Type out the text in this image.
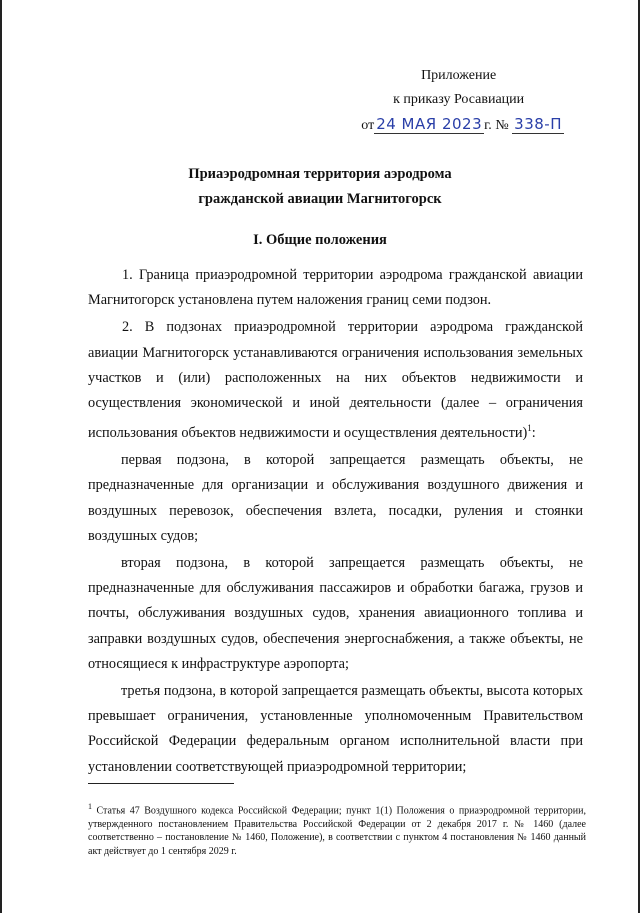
Приложение
к приказу Росавиации
от 24 МАЯ 2023 г. № 338-П
Приаэродромная территория аэродрома
гражданской авиации Магнитогорск
I. Общие положения

1. Граница приаэродромной территории аэродрома гражданской авиации Магнитогорск установлена путем наложения границ семи подзон.

2. В подзонах приаэродромной территории аэродрома гражданской авиации Магнитогорск устанавливаются ограничения использования земельных участков и (или) расположенных на них объектов недвижимости и осуществления экономической и иной деятельности (далее – ограничения использования объектов недвижимости и осуществления деятельности)$^1$:

первая подзона, в которой запрещается размещать объекты, не предназначенные для организации и обслуживания воздушного движения и воздушных перевозок, обеспечения взлета, посадки, руления и стоянки воздушных судов;

вторая подзона, в которой запрещается размещать объекты, не предназначенные для обслуживания пассажиров и обработки багажа, грузов и почты, обслуживания воздушных судов, хранения авиационного топлива и заправки воздушных судов, обеспечения энергоснабжения, а также объекты, не относящиеся к инфраструктуре аэропорта;

третья подзона, в которой запрещается размещать объекты, высота которых превышает ограничения, установленные уполномоченным Правительством Российской Федерации федеральным органом исполнительной власти при установлении соответствующей приаэродромной территории;

$^1$ Статья 47 Воздушного кодекса Российской Федерации; пункт 1(1) Положения о приаэродромной территории, утвержденного постановлением Правительства Российской Федерации от 2 декабря 2017 г. № 1460 (далее соответственно – постановление № 1460, Положение), в соответствии с пунктом 4 постановления № 1460 данный акт действует до 1 сентября 2029 г.
